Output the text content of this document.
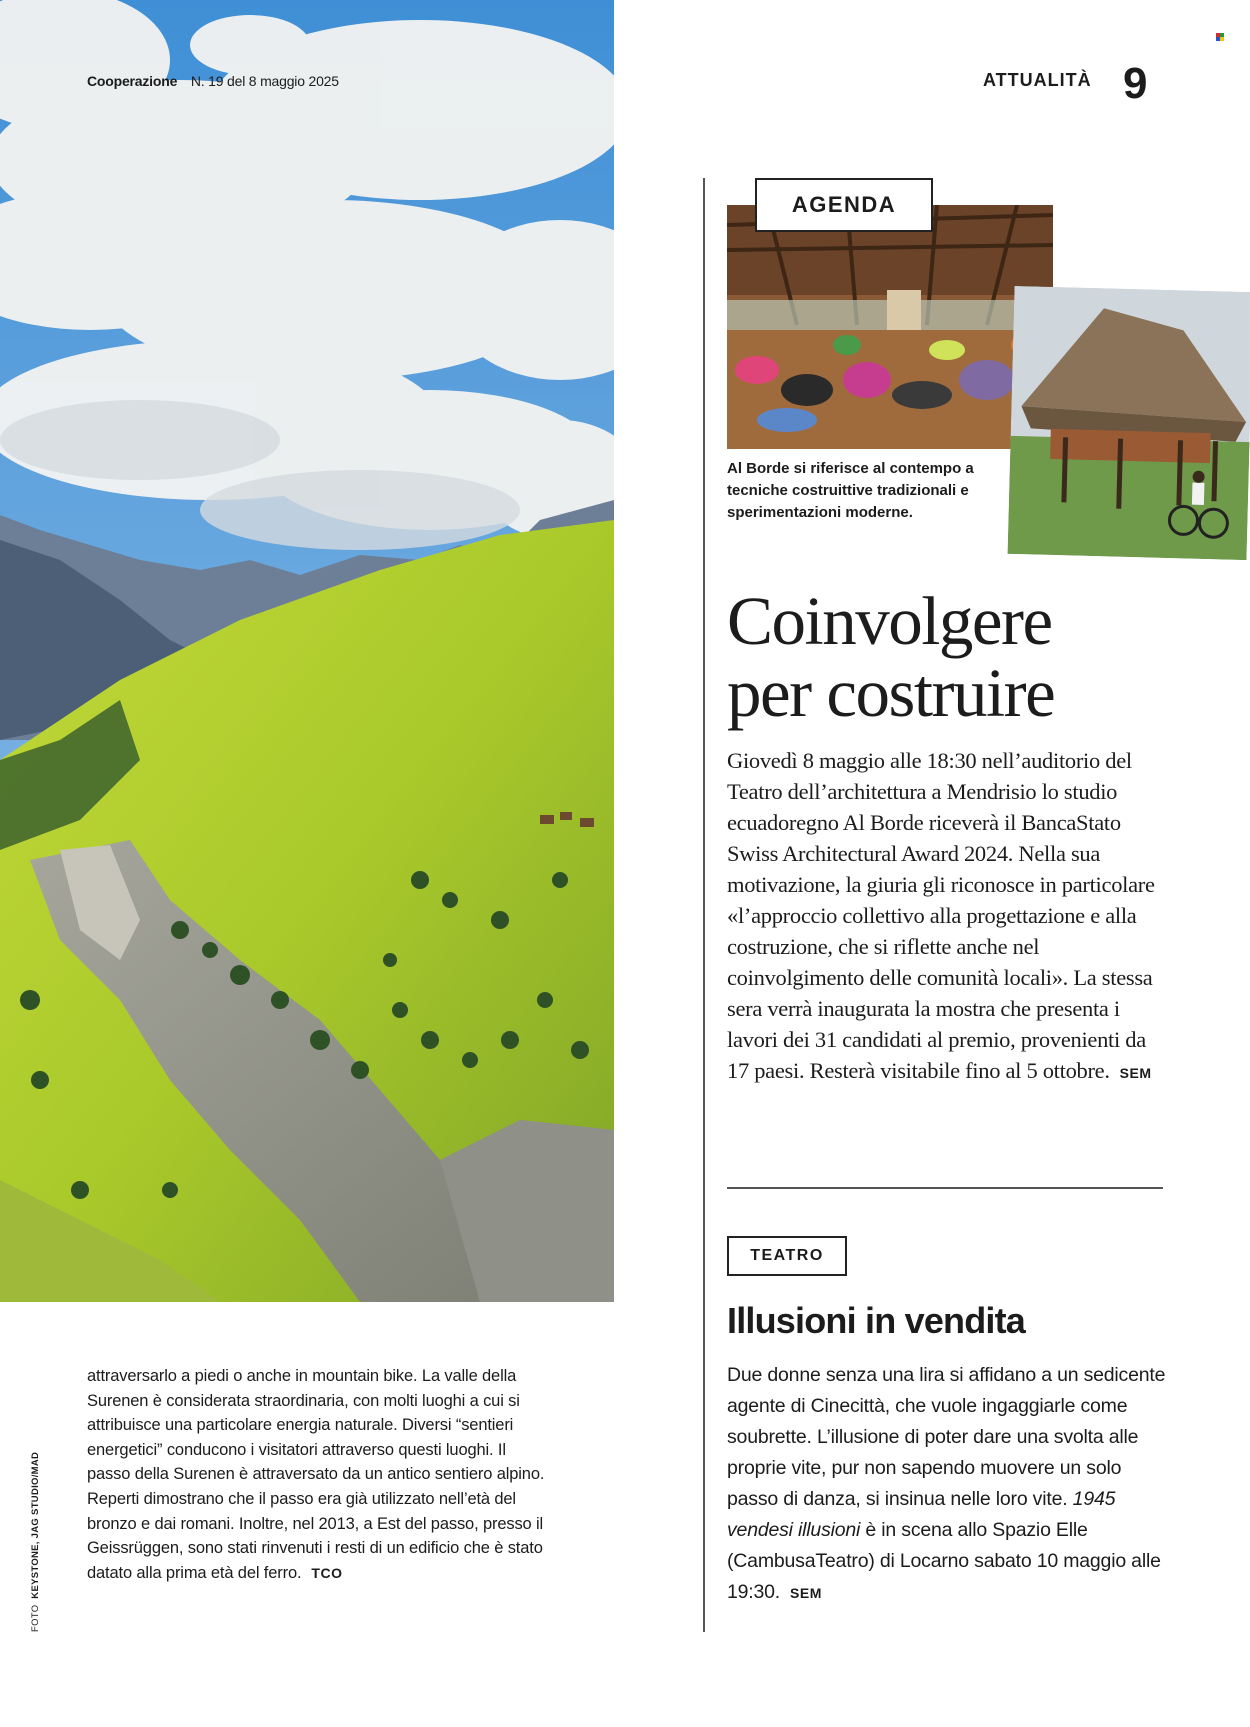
Cooperazione N. 19 del 8 maggio 2025	ATTUALITÀ 9
AGENDA
Al Borde si riferisce al contempo a tecniche costruittive tradizionali e sperimentazioni moderne.
Coinvolgere
per costruire
Giovedì 8 maggio alle 18:30 nell’auditorio del Teatro dell’architettura a Mendrisio lo studio ecuadoregno Al Borde riceverà il BancaStato Swiss Architectural Award 2024. Nella sua motivazione, la giuria gli riconosce in particolare «l’approccio collettivo alla progettazione e alla costruzione, che si riflette anche nel coinvolgimento delle comunità locali». La stessa sera verrà inaugurata la mostra che presenta i lavori dei 31 candidati al premio, provenienti da 17 paesi. Resterà visitabile fino al 5 ottobre. SEM
TEATRO
Illusioni in vendita
Due donne senza una lira si affidano a un sedicente agente di Cinecittà, che vuole ingaggiarle come soubrette. L’illusione di poter dare una svolta alle proprie vite, pur non sapendo muovere un solo passo di danza, si insinua nelle loro vite. 1945 vendesi illusioni è in scena allo Spazio Elle (CambusaTeatro) di Locarno sabato 10 maggio alle 19:30. SEM
attraversarlo a piedi o anche in mountain bike. La valle della Surenen è considerata straordinaria, con molti luoghi a cui si attribuisce una particolare energia naturale. Diversi “sentieri energetici” conducono i visitatori attraverso questi luoghi. Il passo della Surenen è attraversato da un antico sentiero alpino. Reperti dimostrano che il passo era già utilizzato nell’età del bronzo e dai romani. Inoltre, nel 2013, a Est del passo, presso il Geissrüggen, sono stati rinvenuti i resti di un edificio che è stato datato alla prima età del ferro. TCO
FOTO  KEYSTONE, JAG STUDIO/MAD
